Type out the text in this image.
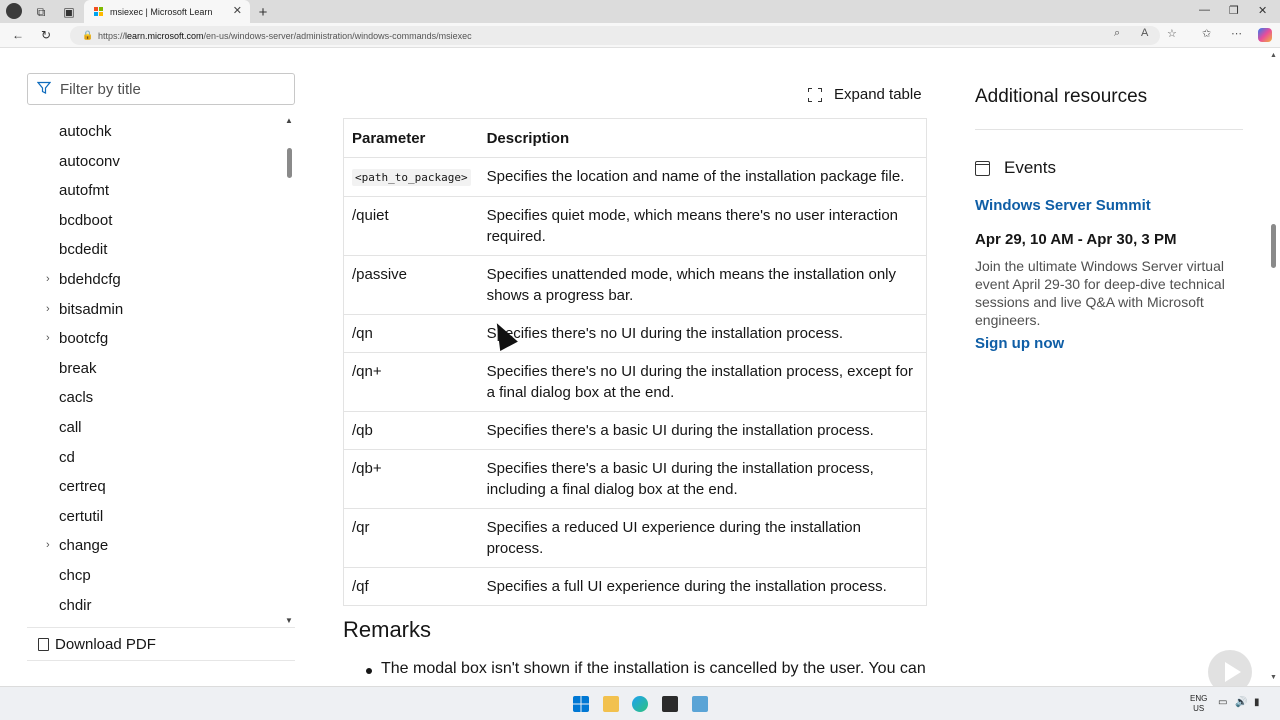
⧉	▣	msiexec | Microsoft Learn ✕	+	— ❐ ✕
← ↻	🔒 https:// learn.microsoft.com /en-us/windows-server/administration/windows-commands/msiexec	⌕ A ☆ ✩ ⋯
Filter by title
autochk
autoconv
autofmt
bcdboot
bcdedit
› bdehdcfg
› bitsadmin
› bootcfg
break
cacls
call
cd
certreq
certutil
› change
chcp
chdir
▲
▼
Download PDF
Expand table
Parameter	Description
<path_to_package>	Specifies the location and name of the installation package file.
/quiet	Specifies quiet mode, which means there's no user interaction required.
/passive	Specifies unattended mode, which means the installation only shows a progress bar.
/qn	Specifies there's no UI during the installation process.
/qn+	Specifies there's no UI during the installation process, except for a final dialog box at the end.
/qb	Specifies there's a basic UI during the installation process.
/qb+	Specifies there's a basic UI during the installation process, including a final dialog box at the end.
/qr	Specifies a reduced UI experience during the installation process.
/qf	Specifies a full UI experience during the installation process.
Remarks
The modal box isn't shown if the installation is cancelled by the user. You can
Additional resources
Events
Windows Server Summit
Apr 29, 10 AM - Apr 30, 3 PM
Join the ultimate Windows Server virtual event April 29-30 for deep-dive technical sessions and live Q&A with Microsoft engineers.
Sign up now
▲
▼
ENG
US
▭ 🔊 ▮
